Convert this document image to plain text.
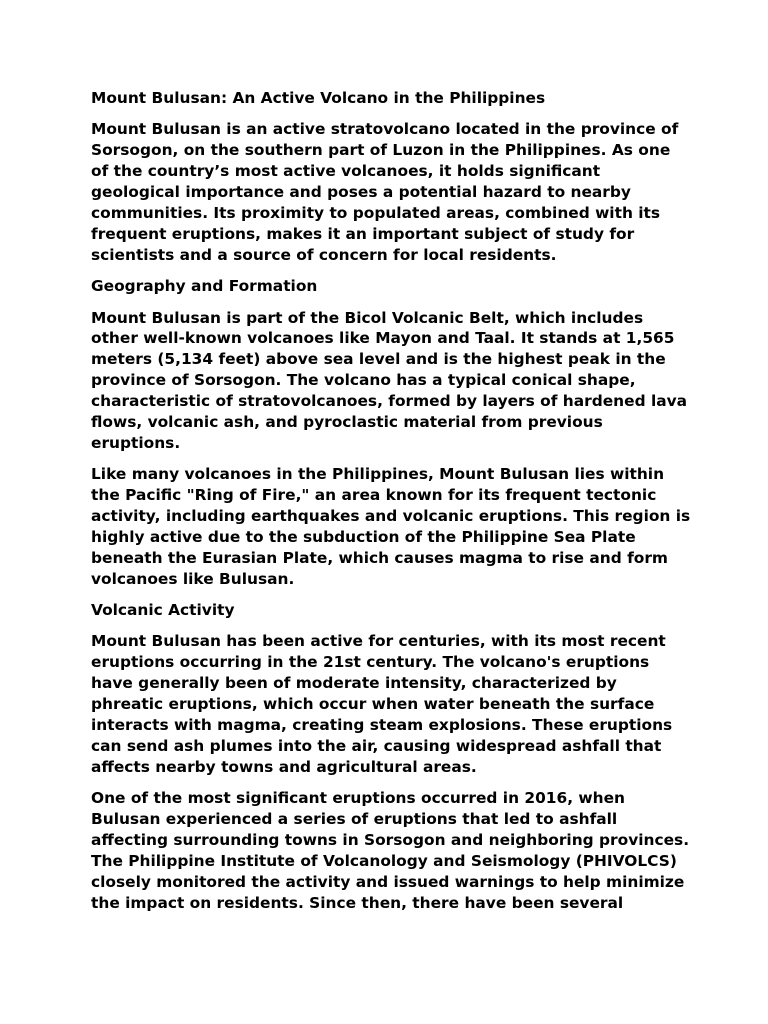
Mount Bulusan: An Active Volcano in the Philippines
Mount Bulusan is an active stratovolcano located in the province of
Sorsogon, on the southern part of Luzon in the Philippines. As one
of the country’s most active volcanoes, it holds significant
geological importance and poses a potential hazard to nearby
communities. Its proximity to populated areas, combined with its
frequent eruptions, makes it an important subject of study for
scientists and a source of concern for local residents.
Geography and Formation
Mount Bulusan is part of the Bicol Volcanic Belt, which includes
other well-known volcanoes like Mayon and Taal. It stands at 1,565
meters (5,134 feet) above sea level and is the highest peak in the
province of Sorsogon. The volcano has a typical conical shape,
characteristic of stratovolcanoes, formed by layers of hardened lava
flows, volcanic ash, and pyroclastic material from previous
eruptions.
Like many volcanoes in the Philippines, Mount Bulusan lies within
the Pacific "Ring of Fire," an area known for its frequent tectonic
activity, including earthquakes and volcanic eruptions. This region is
highly active due to the subduction of the Philippine Sea Plate
beneath the Eurasian Plate, which causes magma to rise and form
volcanoes like Bulusan.
Volcanic Activity
Mount Bulusan has been active for centuries, with its most recent
eruptions occurring in the 21st century. The volcano's eruptions
have generally been of moderate intensity, characterized by
phreatic eruptions, which occur when water beneath the surface
interacts with magma, creating steam explosions. These eruptions
can send ash plumes into the air, causing widespread ashfall that
affects nearby towns and agricultural areas.
One of the most significant eruptions occurred in 2016, when
Bulusan experienced a series of eruptions that led to ashfall
affecting surrounding towns in Sorsogon and neighboring provinces.
The Philippine Institute of Volcanology and Seismology (PHIVOLCS)
closely monitored the activity and issued warnings to help minimize
the impact on residents. Since then, there have been several
